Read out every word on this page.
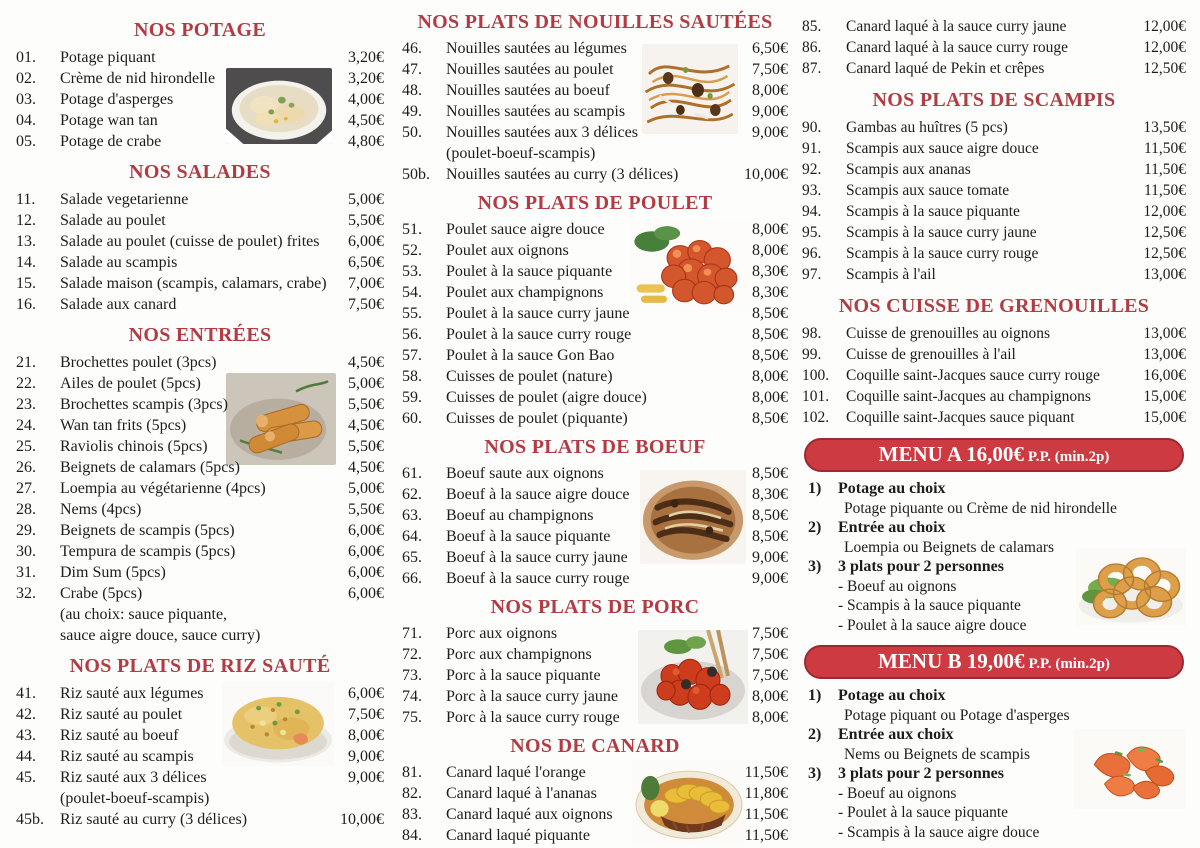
NOS POTAGE
01.	Potage piquant	3,20€
02.	Crème de nid hirondelle	3,20€
03.	Potage d'asperges	4,00€
04.	Potage wan tan	4,50€
05.	Potage de crabe	4,80€
NOS SALADES
11.	Salade vegetarienne	5,00€
12.	Salade au poulet	5,50€
13.	Salade au poulet (cuisse de poulet) frites 6,00€
14.	Salade au scampis	6,50€
15.	Salade maison (scampis, calamars, crabe) 7,00€
16.	Salade aux canard	7,50€
NOS ENTRÉES
21.	Brochettes poulet (3pcs)	4,50€
22.	Ailes de poulet (5pcs)	5,00€
23.	Brochettes scampis (3pcs)	5,50€
24.	Wan tan frits (5pcs)	4,50€
25.	Raviolis chinois (5pcs)	5,50€
26.	Beignets de calamars (5pcs)	4,50€
27.	Loempia au végétarienne (4pcs)	5,00€
28.	Nems (4pcs)	5,50€
29.	Beignets de scampis (5pcs)	6,00€
30.	Tempura de scampis (5pcs)	6,00€
31.	Dim Sum (5pcs)	6,00€
32.	Crabe (5pcs)	6,00€
(au choix: sauce piquante,
sauce aigre douce, sauce curry)
NOS PLATS DE RIZ SAUTÉ
41.	Riz sauté aux légumes	6,00€
42.	Riz sauté au poulet	7,50€
43.	Riz sauté au boeuf	8,00€
44.	Riz sauté au scampis	9,00€
45.	Riz sauté aux 3 délices	9,00€
(poulet-boeuf-scampis)
45b.	Riz sauté au curry (3 délices)	10,00€
NOS PLATS DE NOUILLES SAUTÉES
46.	Nouilles sautées au légumes	6,50€
47.	Nouilles sautées au poulet	7,50€
48.	Nouilles sautées au boeuf	8,00€
49.	Nouilles sautées au scampis	9,00€
50.	Nouilles sautées aux 3 délices	9,00€
(poulet-boeuf-scampis)
50b.	Nouilles sautées au curry (3 délices)	10,00€
NOS PLATS DE POULET
51.	Poulet sauce aigre douce	8,00€
52.	Poulet aux oignons	8,00€
53.	Poulet à la sauce piquante	8,30€
54.	Poulet aux champignons	8,30€
55.	Poulet à la sauce curry jaune	8,50€
56.	Poulet à la sauce curry rouge	8,50€
57.	Poulet à la sauce Gon Bao	8,50€
58.	Cuisses de poulet (nature)	8,00€
59.	Cuisses de poulet (aigre douce)	8,00€
60.	Cuisses de poulet (piquante)	8,50€
NOS PLATS DE BOEUF
61.	Boeuf saute aux oignons	8,50€
62.	Boeuf à la sauce aigre douce	8,30€
63.	Boeuf au champignons	8,50€
64.	Boeuf à la sauce piquante	8,50€
65.	Boeuf à la sauce curry jaune	9,00€
66.	Boeuf à la sauce curry rouge	9,00€
NOS PLATS DE PORC
71.	Porc aux oignons	7,50€
72.	Porc aux champignons	7,50€
73.	Porc à la sauce piquante	7,50€
74.	Porc à la sauce curry jaune	8,00€
75.	Porc à la sauce curry rouge	8,00€
NOS DE CANARD
81.	Canard laqué l'orange	11,50€
82.	Canard laqué à l'ananas	11,80€
83.	Canard laqué aux oignons	11,50€
84.	Canard laqué piquante	11,50€
85.	Canard laqué à la sauce curry jaune	12,00€
86.	Canard laqué à la sauce curry rouge	12,00€
87.	Canard laqué de Pekin et crêpes	12,50€
NOS PLATS DE SCAMPIS
90.	Gambas au huîtres (5 pcs)	13,50€
91.	Scampis aux sauce aigre douce	11,50€
92.	Scampis aux ananas	11,50€
93.	Scampis aux sauce tomate	11,50€
94.	Scampis à la sauce piquante	12,00€
95.	Scampis à la sauce curry jaune	12,50€
96.	Scampis à la sauce curry rouge	12,50€
97.	Scampis à l'ail	13,00€
NOS CUISSE DE GRENOUILLES
98.	Cuisse de grenouilles au oignons	13,00€
99.	Cuisse de grenouilles à l'ail	13,00€
100.	Coquille saint-Jacques sauce curry rouge	16,00€
101.	Coquille saint-Jacques au champignons	15,00€
102.	Coquille saint-Jacques sauce piquant	15,00€
MENU A 16,00€ P.P. (min.2p)
1)	Potage au choix
Potage piquante ou Crème de nid hirondelle
2)	Entrée au choix
Loempia ou Beignets de calamars
3)	3 plats pour 2 personnes
- Boeuf au oignons
- Scampis à la sauce piquante
- Poulet à la sauce aigre douce
MENU B 19,00€ P.P. (min.2p)
1)	Potage au choix
Potage piquant ou Potage d'asperges
2)	Entrée aux choix
Nems ou Beignets de scampis
3)	3 plats pour 2 personnes
- Boeuf au oignons
- Poulet à la sauce piquante
- Scampis à la sauce aigre douce
